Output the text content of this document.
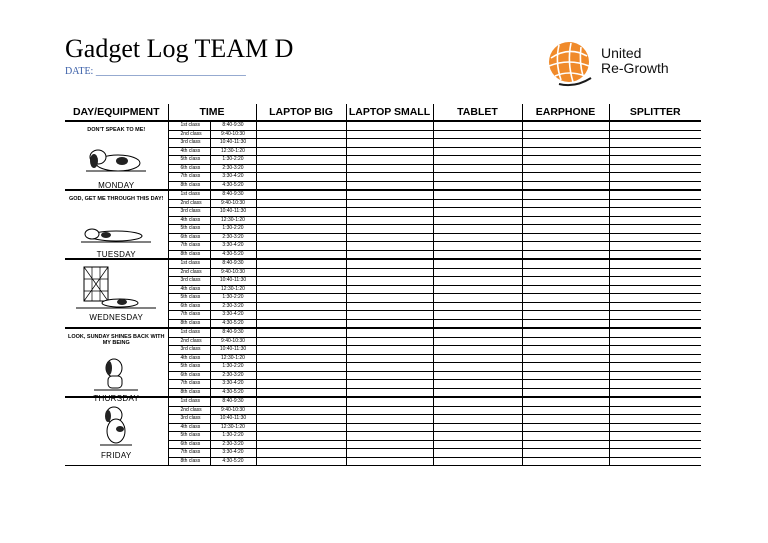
Gadget Log TEAM D
DATE: ______________________________
United
Re-Growth
DAY/EQUIPMENT	TIME		LAPTOP BIG	LAPTOP SMALL	TABLET	EARPHONE	SPLITTER

DON'T SPEAK TO ME!
MONDAY	1st class	8:40-9:30					
	2nd class	9:40-10:30					
	3rd class	10:40-11:30					
	4th class	12:30-1:20					
	5th class	1:30-2:20					
	6th class	2:30-3:20					
	7th class	3:30-4:20					
	8th class	4:30-5:20					

GOD, GET ME THROUGH THIS DAY!
TUESDAY	1st class	8:40-9:30					
	2nd class	9:40-10:30					
	3rd class	10:40-11:30					
	4th class	12:30-1:20					
	5th class	1:30-2:20					
	6th class	2:30-3:20					
	7th class	3:30-4:20					
	8th class	4:30-5:20					

WEDNESDAY	1st class	8:40-9:30					
	2nd class	9:40-10:30					
	3rd class	10:40-11:30					
	4th class	12:30-1:20					
	5th class	1:30-2:20					
	6th class	2:30-3:20					
	7th class	3:30-4:20					
	8th class	4:30-5:20					

LOOK, SUNDAY SHINES BACK WITH MY BEING
THURSDAY	1st class	8:40-9:30					
	2nd class	9:40-10:30					
	3rd class	10:40-11:30					
	4th class	12:30-1:20					
	5th class	1:30-2:20					
	6th class	2:30-3:20					
	7th class	3:30-4:20					
	8th class	4:30-5:20					

FRIDAY	1st class	8:40-9:30					
	2nd class	9:40-10:30					
	3rd class	10:40-11:30					
	4th class	12:30-1:20					
	5th class	1:30-2:20					
	6th class	2:30-3:20					
	7th class	3:30-4:20					
	8th class	4:30-5:20					
